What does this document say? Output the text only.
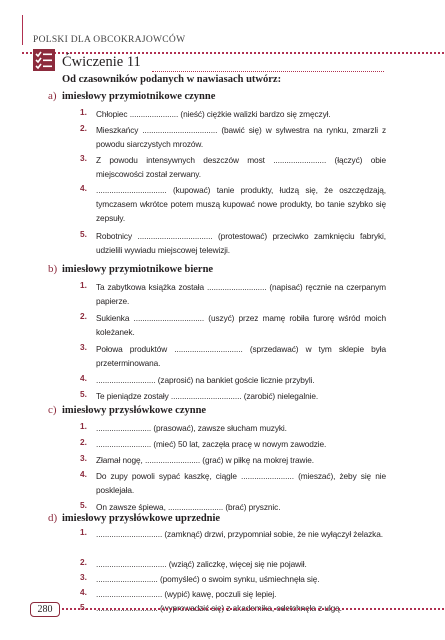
POLSKI DLA OBCOKRAJOWCÓW
Ćwiczenie 11
Od czasowników podanych w nawiasach utwórz:
a) imiesłowy przymiotnikowe czynne
1.	Chłopiec ...................... (nieść) ciężkie walizki bardzo się zmęczył.
2.	Mieszkańcy .................................. (bawić się) w sylwestra na rynku, zmarzli z powodu siarczystych mrozów.
3.	Z powodu intensywnych deszczów most ........................ (łączyć) obie miejscowości został zerwany.
4.	................................ (kupować) tanie produkty, łudzą się, że oszczędzają, tymczasem wkrótce potem muszą kupować nowe produkty, bo tanie szybko się zepsuły.
5.	Robotnicy .................................. (protestować) przeciwko zamknięciu fabryki, udzielili wywiadu miejscowej telewizji.
b) imiesłowy przymiotnikowe bierne
1.	Ta zabytkowa książka została ........................... (napisać) ręcznie na czerpanym papierze.
2.	Sukienka ................................ (uszyć) przez mamę robiła furorę wśród moich koleżanek.
3.	Połowa produktów ............................... (sprzedawać) w tym sklepie była przeterminowana.
4.	........................... (zaprosić) na bankiet goście licznie przybyli.
5.	Te pieniądze zostały ................................ (zarobić) nielegalnie.
c) imiesłowy przysłówkowe czynne
1.	......................... (prasować), zawsze słucham muzyki.
2.	......................... (mieć) 50 lat, zaczęła pracę w nowym zawodzie.
3.	Złamał nogę, ......................... (grać) w piłkę na mokrej trawie.
4.	Do zupy powoli sypać kaszkę, ciągle ........................ (mieszać), żeby się nie posklejała.
5.	On zawsze śpiewa, ......................... (brać) prysznic.
d) imiesłowy przysłówkowe uprzednie
1.	.............................. (zamknąć) drzwi, przypomniał sobie, że nie wyłączył żelazka.
2.	................................ (wziąć) zaliczkę, więcej się nie pojawił.
3.	............................ (pomyśleć) o swoim synku, uśmiechnęła się.
4.	.............................. (wypić) kawę, poczuli się lepiej.
5.	............................ (wyprowadzić się) z akademika, odetchnęła z ulgą.
280
